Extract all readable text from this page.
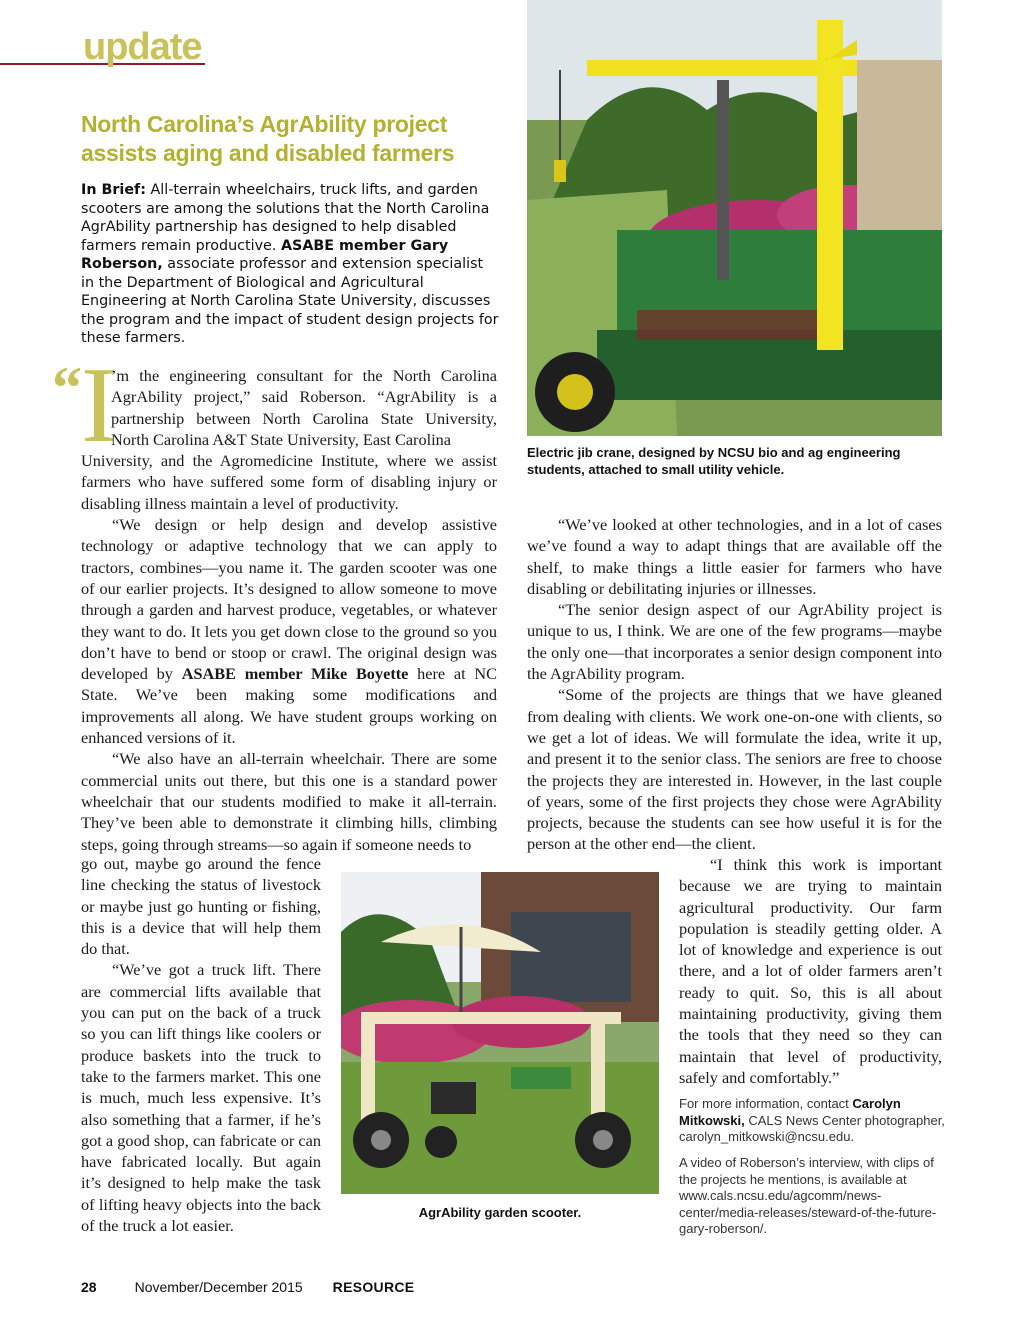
update
North Carolina’s AgrAbility project
assists aging and disabled farmers
In Brief: All-terrain wheelchairs, truck lifts, and garden scooters are among the solutions that the North Carolina AgrAbility partnership has designed to help disabled farmers remain productive. ASABE member Gary Roberson, associate professor and extension specialist in the Department of Biological and Agricultural Engineering at North Carolina State University, discusses the program and the impact of student design projects for these farmers.
“ I

’m the engineering consultant for the North Carolina AgrAbility project,” said Roberson. “AgrAbility is a partnership between North Carolina State University, North Carolina A&T State University, East Carolina

University, and the Agromedicine Institute, where we assist farmers who have suffered some form of disabling injury or disabling illness maintain a level of productivity.

“We design or help design and develop assistive technology or adaptive technology that we can apply to tractors, combines—you name it. The garden scooter was one of our earlier projects. It’s designed to allow someone to move through a garden and harvest produce, vegetables, or whatever they want to do. It lets you get down close to the ground so you don’t have to bend or stoop or crawl. The original design was developed by ASABE member Mike Boyette here at NC State. We’ve been making some modifications and improvements all along. We have student groups working on enhanced versions of it.

“We also have an all-terrain wheelchair. There are some commercial units out there, but this one is a standard power wheelchair that our students modified to make it all-terrain. They’ve been able to demonstrate it climbing hills, climbing steps, going through streams—so again if someone needs to

go out, maybe go around the fence line checking the status of livestock or maybe just go hunting or fishing, this is a device that will help them do that.

“We’ve got a truck lift. There are commercial lifts available that you can put on the back of a truck so you can lift things like coolers or produce baskets into the truck to take to the farmers market. This one is much, much less expensive. It’s also something that a farmer, if he’s got a good shop, can fabricate or can have fabricated locally. But again it’s designed to help make the task of lifting heavy objects into the back of the truck a lot easier.

Electric jib crane, designed by NCSU bio and ag engineering students, attached to small utility vehicle.

“We’ve looked at other technologies, and in a lot of cases we’ve found a way to adapt things that are available off the shelf, to make things a little easier for farmers who have disabling or debilitating injuries or illnesses.

“The senior design aspect of our AgrAbility project is unique to us, I think. We are one of the few programs—maybe the only one—that incorporates a senior design component into the AgrAbility program.

“Some of the projects are things that we have gleaned from dealing with clients. We work one-on-one with clients, so we get a lot of ideas. We will formulate the idea, write it up, and present it to the senior class. The seniors are free to choose the projects they are interested in. However, in the last couple of years, some of the first projects they chose were AgrAbility projects, because the students can see how useful it is for the person at the other end—the client.

AgrAbility garden scooter.

“I think this work is important because we are trying to maintain agricultural productivity. Our farm population is steadily getting older. A lot of knowledge and experience is out there, and a lot of older farmers aren’t ready to quit. So, this is all about maintaining productivity, giving them the tools that they need so they can maintain that level of productivity, safely and comfortably.”

For more information, contact Carolyn Mitkowski, CALS News Center photographer, carolyn_mitkowski@ncsu.edu.
A video of Roberson’s interview, with clips of the projects he mentions, is available at www.cals.ncsu.edu/agcomm/news-center/media-releases/steward-of-the-future-gary-roberson/.
28	November/December 2015 RESOURCE
